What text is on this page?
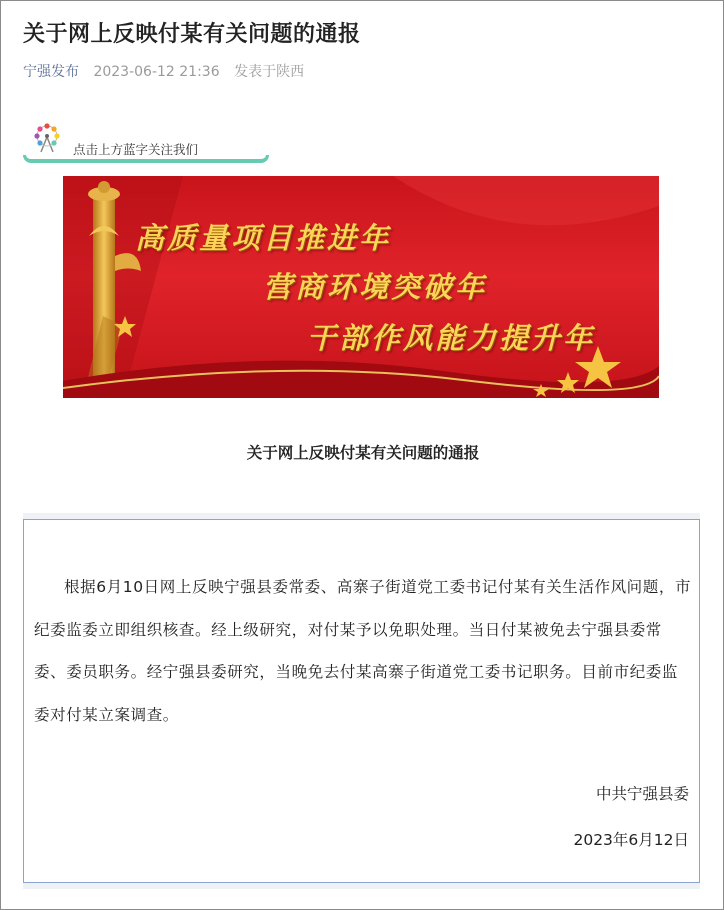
关于网上反映付某有关问题的通报
宁强发布 2023-06-12 21:36 发表于陕西
点击上方蓝字关注我们
高质量项目推进年
营商环境突破年
干部作风能力提升年
关于网上反映付某有关问题的通报

根据6月10日网上反映宁强县委常委、高寨子街道党工委书记付某有关生活作风问题，市纪委监委立即组织核查。经上级研究，对付某予以免职处理。当日付某被免去宁强县委常委、委员职务。经宁强县委研究，当晚免去付某高寨子街道党工委书记职务。目前市纪委监委对付某立案调查。

中共宁强县委
2023年6月12日
